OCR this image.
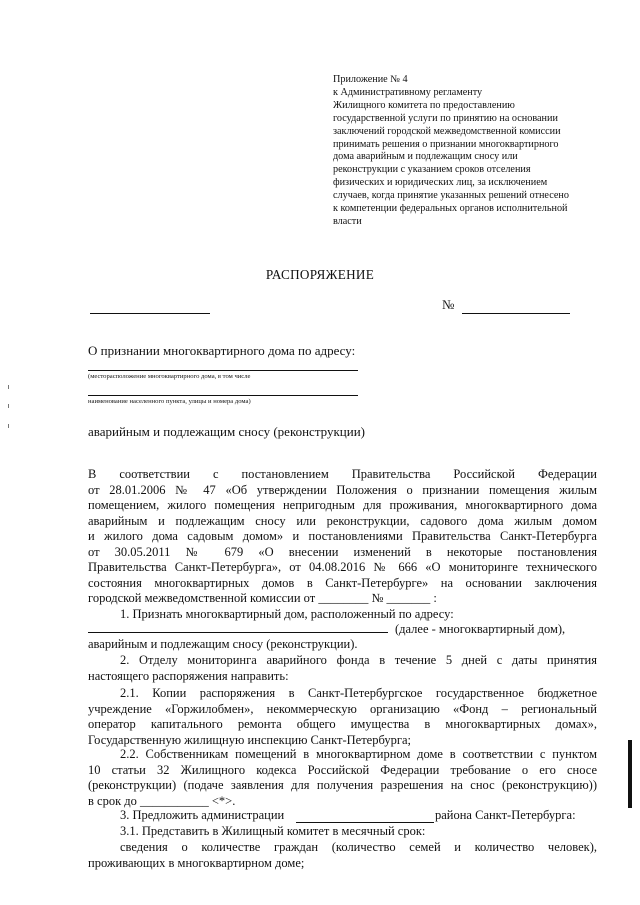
Приложение № 4
к Административному регламенту
Жилищного комитета по предоставлению
государственной услуги по принятию на основании
заключений городской межведомственной комиссии
принимать решения о признании многоквартирного
дома аварийным и подлежащим сносу или
реконструкции с указанием сроков отселения
физических и юридических лиц, за исключением
случаев, когда принятие указанных решений отнесено
к компетенции федеральных органов исполнительной
власти
РАСПОРЯЖЕНИЕ
№
О признании многоквартирного дома по адресу:
(месторасположение многоквартирного дома, в том числе
наименование населенного пункта, улицы и номера дома)
аварийным и подлежащим сносу (реконструкции)
В соответствии с постановлением Правительства Российской Федерации
от 28.01.2006 № 47 «Об утверждении Положения о признании помещения жилым
помещением, жилого помещения непригодным для проживания, многоквартирного дома
аварийным и подлежащим сносу или реконструкции, садового дома жилым домом
и жилого дома садовым домом» и постановлениями Правительства Санкт-Петербурга
от 30.05.2011 № 679 «О внесении изменений в некоторые постановления
Правительства Санкт-Петербурга», от 04.08.2016 № 666 «О мониторинге технического
состояния многоквартирных домов в Санкт-Петербурге» на основании заключения
городской межведомственной комиссии от ________ № _______ :
1. Признать многоквартирный дом, расположенный по адресу:
(далее - многоквартирный дом),
аварийным и подлежащим сносу (реконструкции).
2. Отделу мониторинга аварийного фонда в течение 5 дней с даты принятия
настоящего распоряжения направить:
2.1. Копии распоряжения в Санкт-Петербургское государственное бюджетное
учреждение «Горжилобмен», некоммерческую организацию «Фонд – региональный
оператор капитального ремонта общего имущества в многоквартирных домах»,
Государственную жилищную инспекцию Санкт-Петербурга;
2.2. Собственникам помещений в многоквартирном доме в соответствии с пунктом
10 статьи 32 Жилищного кодекса Российской Федерации требование о его сносе
(реконструкции) (подаче заявления для получения разрешения на снос (реконструкцию))
в срок до ___________ <*>.
3. Предложить администрации	района Санкт-Петербурга:
3.1. Представить в Жилищный комитет в месячный срок:
сведения о количестве граждан (количество семей и количество человек),
проживающих в многоквартирном доме;
